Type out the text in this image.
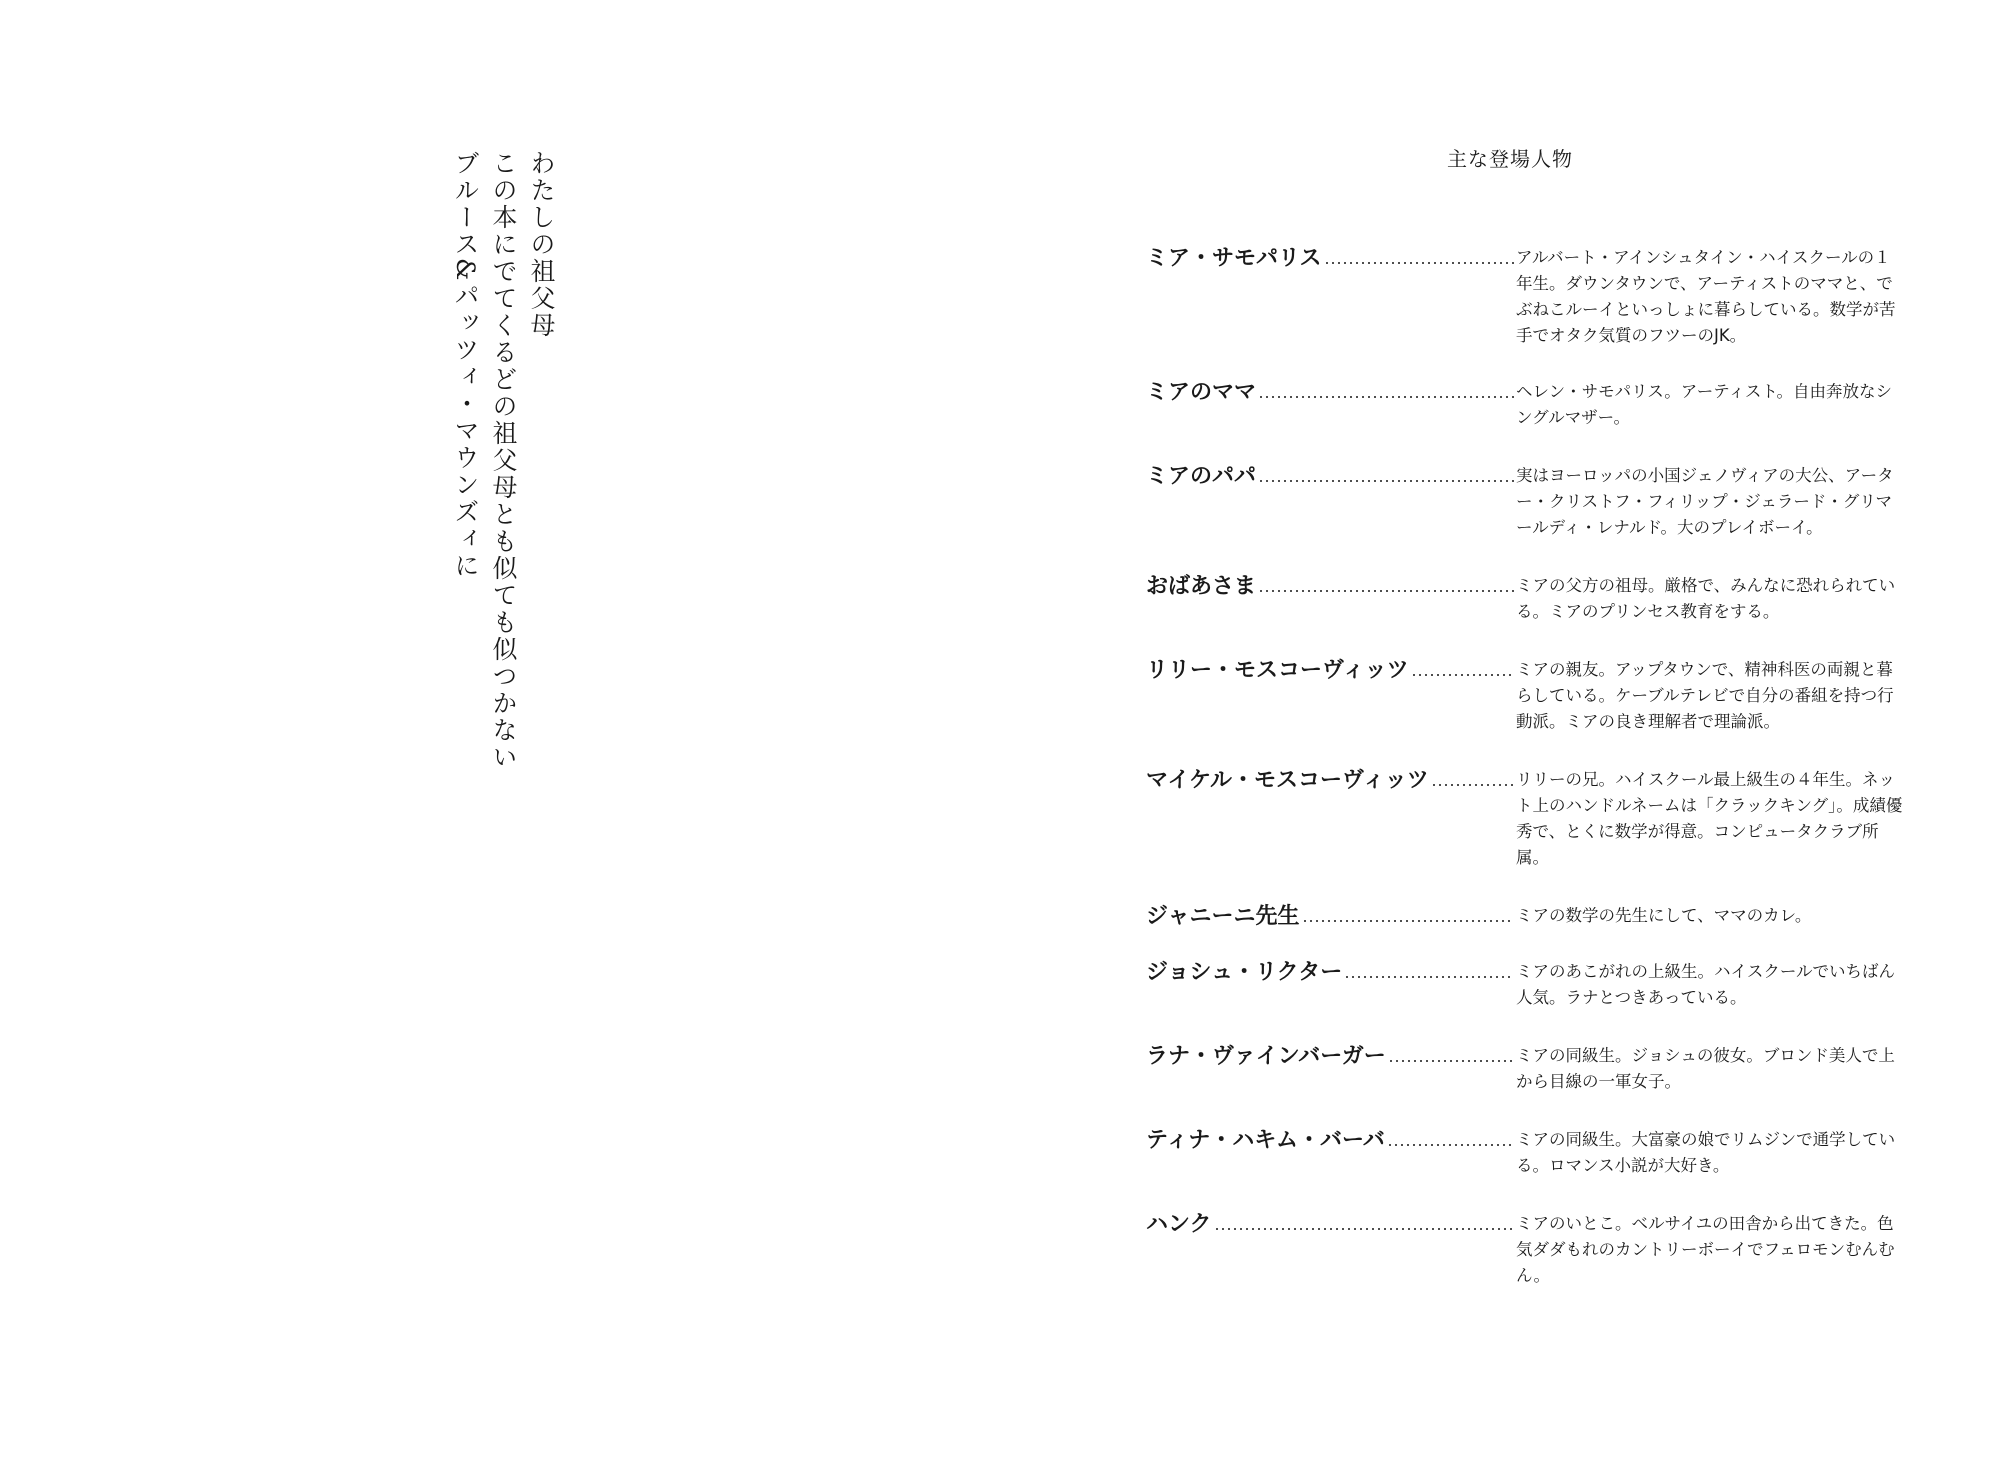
わたしの祖父母
この本にでてくるどの祖父母とも似ても似つかない
ブルース&パッツィ・マウンズィに	主な登場人物
ミア・サモパリス	アルバート・アインシュタイン・ハイスクールの１年生。ダウンタウンで、アーティストのママと、でぶねこルーイといっしょに暮らしている。数学が苦手でオタク気質のフツーのJK。
ミアのママ	ヘレン・サモパリス。アーティスト。自由奔放なシングルマザー。
ミアのパパ	実はヨーロッパの小国ジェノヴィアの大公、アーター・クリストフ・フィリップ・ジェラード・グリマールディ・レナルド。大のプレイボーイ。
おばあさま	ミアの父方の祖母。厳格で、みんなに恐れられている。ミアのプリンセス教育をする。
リリー・モスコーヴィッツ	ミアの親友。アップタウンで、精神科医の両親と暮らしている。ケーブルテレビで自分の番組を持つ行動派。ミアの良き理解者で理論派。
マイケル・モスコーヴィッツ	リリーの兄。ハイスクール最上級生の４年生。ネット上のハンドルネームは「クラックキング」。成績優秀で、とくに数学が得意。コンピュータクラブ所属。
ジャニーニ先生	ミアの数学の先生にして、ママのカレ。
ジョシュ・リクター	ミアのあこがれの上級生。ハイスクールでいちばん人気。ラナとつきあっている。
ラナ・ヴァインバーガー	ミアの同級生。ジョシュの彼女。ブロンド美人で上から目線の一軍女子。
ティナ・ハキム・バーバ	ミアの同級生。大富豪の娘でリムジンで通学している。ロマンス小説が大好き。
ハンク	ミアのいとこ。ベルサイユの田舎から出てきた。色気ダダもれのカントリーボーイでフェロモンむんむん。
